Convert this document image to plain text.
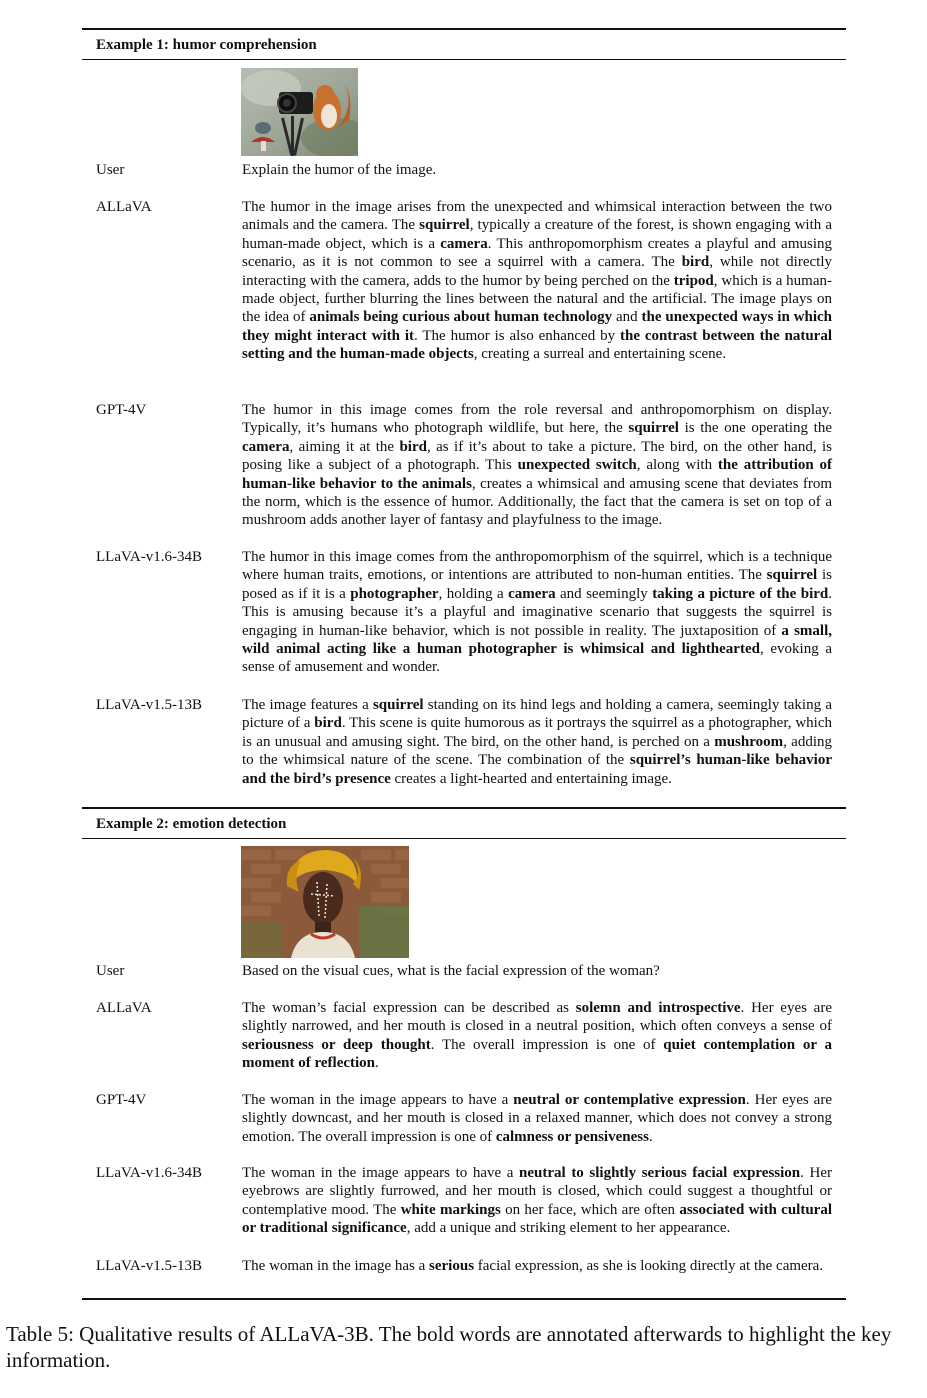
Example 1: humor comprehension
User	Explain the humor of the image.
ALLaVA	The humor in the image arises from the unexpected and whimsical interaction between the two animals and the camera. The squirrel, typically a creature of the forest, is shown engaging with a human-made object, which is a camera. This anthropomorphism creates a playful and amusing scenario, as it is not common to see a squirrel with a camera. The bird, while not directly interacting with the camera, adds to the humor by being perched on the tripod, which is a human-made object, further blurring the lines between the natural and the artificial. The image plays on the idea of animals being curious about human technology and the unexpected ways in which they might interact with it. The humor is also enhanced by the contrast between the natural setting and the human-made objects, creating a surreal and entertaining scene.
GPT-4V	The humor in this image comes from the role reversal and anthropomorphism on display. Typically, it’s humans who photograph wildlife, but here, the squirrel is the one operating the camera, aiming it at the bird, as if it’s about to take a picture. The bird, on the other hand, is posing like a subject of a photograph. This unexpected switch, along with the attribution of human-like behavior to the animals, creates a whimsical and amusing scene that deviates from the norm, which is the essence of humor. Additionally, the fact that the camera is set on top of a mushroom adds another layer of fantasy and playfulness to the image.
LLaVA-v1.6-34B	The humor in this image comes from the anthropomorphism of the squirrel, which is a technique where human traits, emotions, or intentions are attributed to non-human entities. The squirrel is posed as if it is a photographer, holding a camera and seemingly taking a picture of the bird. This is amusing because it’s a playful and imaginative scenario that suggests the squirrel is engaging in human-like behavior, which is not possible in reality. The juxtaposition of a small, wild animal acting like a human photographer is whimsical and lighthearted, evoking a sense of amusement and wonder.
LLaVA-v1.5-13B	The image features a squirrel standing on its hind legs and holding a camera, seemingly taking a picture of a bird. This scene is quite humorous as it portrays the squirrel as a photographer, which is an unusual and amusing sight. The bird, on the other hand, is perched on a mushroom, adding to the whimsical nature of the scene. The combination of the squirrel’s human-like behavior and the bird’s presence creates a light-hearted and entertaining image.
Example 2: emotion detection
User	Based on the visual cues, what is the facial expression of the woman?
ALLaVA	The woman’s facial expression can be described as solemn and introspective. Her eyes are slightly narrowed, and her mouth is closed in a neutral position, which often conveys a sense of seriousness or deep thought. The overall impression is one of quiet contemplation or a moment of reflection.
GPT-4V	The woman in the image appears to have a neutral or contemplative expression. Her eyes are slightly downcast, and her mouth is closed in a relaxed manner, which does not convey a strong emotion. The overall impression is one of calmness or pensiveness.
LLaVA-v1.6-34B	The woman in the image appears to have a neutral to slightly serious facial expression. Her eyebrows are slightly furrowed, and her mouth is closed, which could suggest a thoughtful or contemplative mood. The white markings on her face, which are often associated with cultural or traditional significance, add a unique and striking element to her appearance.
LLaVA-v1.5-13B	The woman in the image has a serious facial expression, as she is looking directly at the camera.
Table 5: Qualitative results of ALLaVA-3B. The bold words are annotated afterwards to highlight the key information.
